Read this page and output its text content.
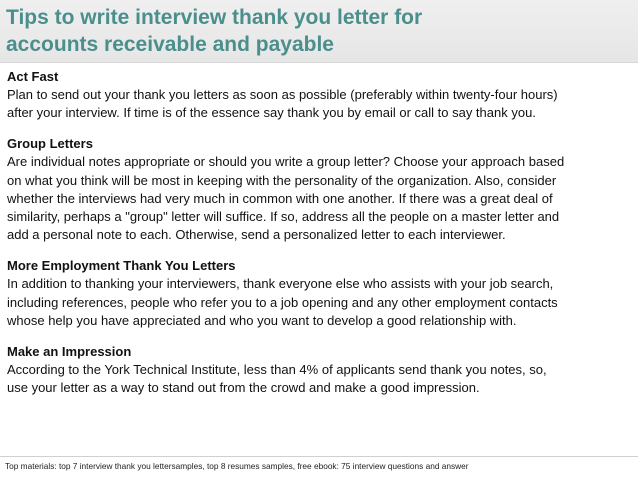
Tips to write interview thank you letter for
accounts receivable and payable

Act Fast

Plan to send out your thank you letters as soon as possible (preferably within twenty-four hours)

after your interview. If time is of the essence say thank you by email or call to say thank you.

Group Letters

Are individual notes appropriate or should you write a group letter? Choose your approach based

on what you think will be most in keeping with the personality of the organization. Also, consider

whether the interviews had very much in common with one another. If there was a great deal of

similarity, perhaps a "group" letter will suffice. If so, address all the people on a master letter and

add a personal note to each. Otherwise, send a personalized letter to each interviewer.

More Employment Thank You Letters

In addition to thanking your interviewers, thank everyone else who assists with your job search,

including references, people who refer you to a job opening and any other employment contacts

whose help you have appreciated and who you want to develop a good relationship with.

Make an Impression

According to the York Technical Institute, less than 4% of applicants send thank you notes, so,

use your letter as a way to stand out from the crowd and make a good impression.

Top materials: top 7 interview thank you lettersamples, top 8 resumes samples, free ebook: 75 interview questions and answer
